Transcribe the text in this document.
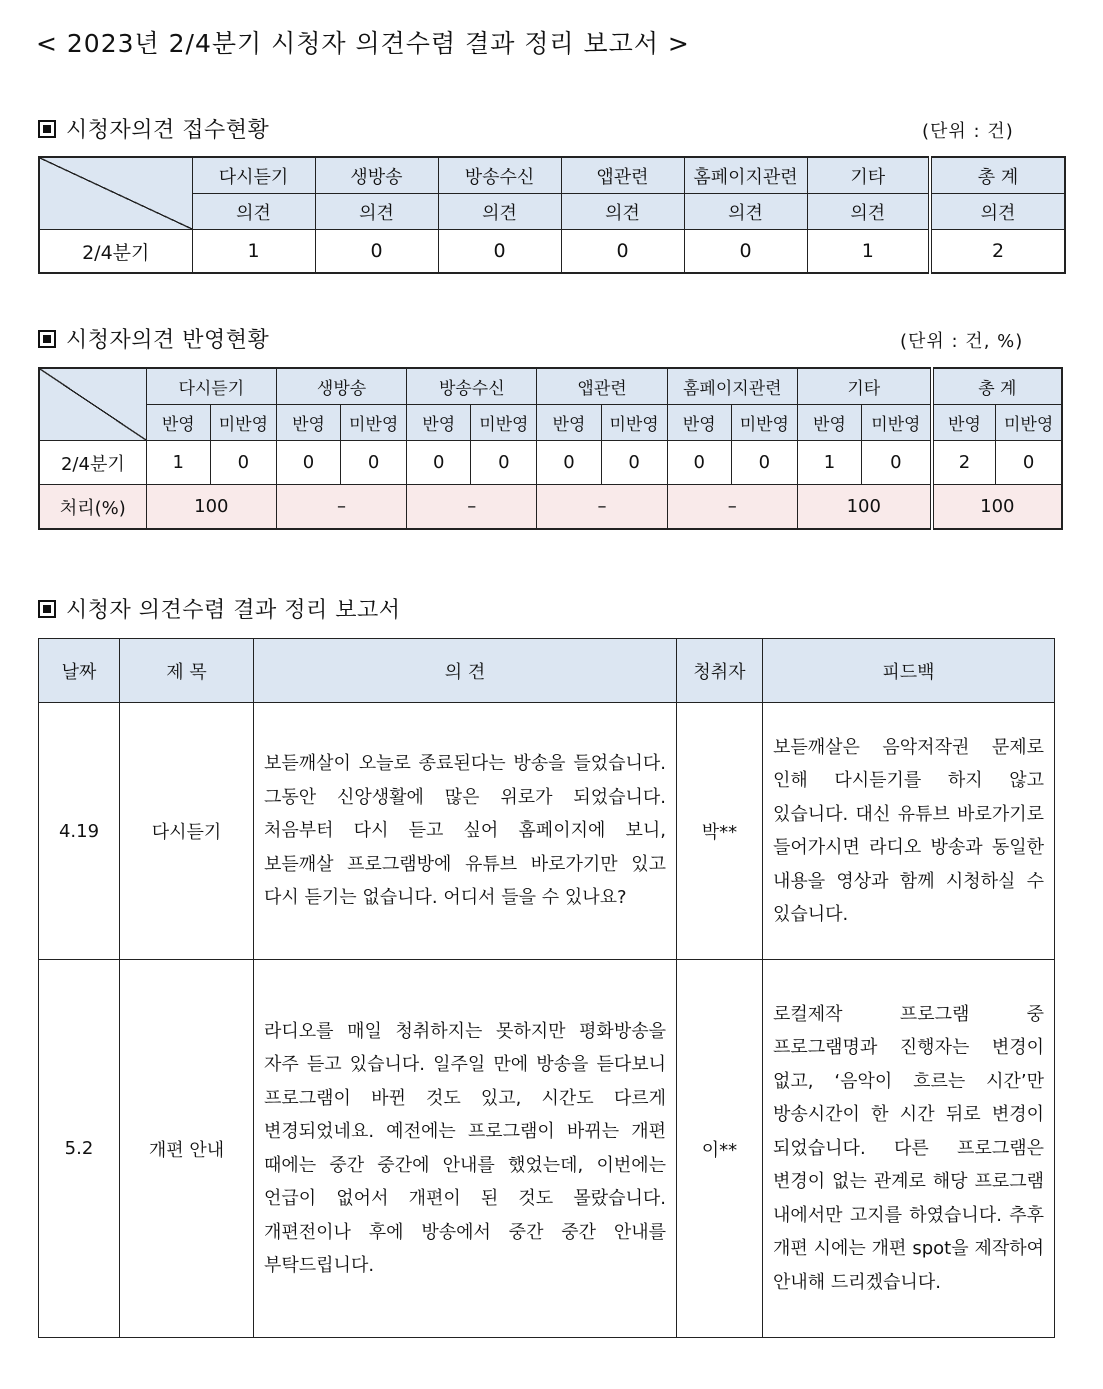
< 2023년 2/4분기 시청자 의견수렴 결과 정리 보고서 >
시청자의견 접수현황	(단위 : 건)
	다시듣기	생방송	방송수신	앱관련	홈페이지관련	기타	총 계
	의견	의견	의견	의견	의견	의견	의견
2/4분기	1	0	0	0	0	1	2
시청자의견 반영현황	(단위 : 건, %)
	다시듣기		생방송		방송수신		앱관련		홈페이지관련		기타		총 계	
	반영	미반영	반영	미반영	반영	미반영	반영	미반영	반영	미반영	반영	미반영	반영	미반영
2/4분기	1	0	0	0	0	0	0	0	0	0	1	0	2	0
처리(%)	100		–		–		–		–		100		100	
시청자 의견수렴 결과 정리 보고서
날짜	제 목	의 견	청취자	피드백
4.19	다시듣기	보듣깨살이 오늘로 종료된다는 방송을 들었습니다. 그동안 신앙생활에 많은 위로가 되었습니다. 처음부터 다시 듣고 싶어 홈페이지에 보니, 보듣깨살 프로그램방에 유튜브 바로가기만 있고 다시 듣기는 없습니다. 어디서 들을 수 있나요?	박**	보듣깨살은 음악저작권 문제로 인해 다시듣기를 하지 않고 있습니다. 대신 유튜브 바로가기로 들어가시면 라디오 방송과 동일한 내용을 영상과 함께 시청하실 수 있습니다.
5.2	개편 안내	라디오를 매일 청취하지는 못하지만 평화방송을 자주 듣고 있습니다. 일주일 만에 방송을 듣다보니 프로그램이 바뀐 것도 있고, 시간도 다르게 변경되었네요. 예전에는 프로그램이 바뀌는 개편 때에는 중간 중간에 안내를 했었는데, 이번에는 언급이 없어서 개편이 된 것도 몰랐습니다. 개편전이나 후에 방송에서 중간 중간 안내를 부탁드립니다.	이**	로컬제작 프로그램 중 프로그램명과 진행자는 변경이 없고, ‘음악이 흐르는 시간’만 방송시간이 한 시간 뒤로 변경이 되었습니다. 다른 프로그램은 변경이 없는 관계로 해당 프로그램 내에서만 고지를 하였습니다. 추후 개편 시에는 개편 spot을 제작하여 안내해 드리겠습니다.
